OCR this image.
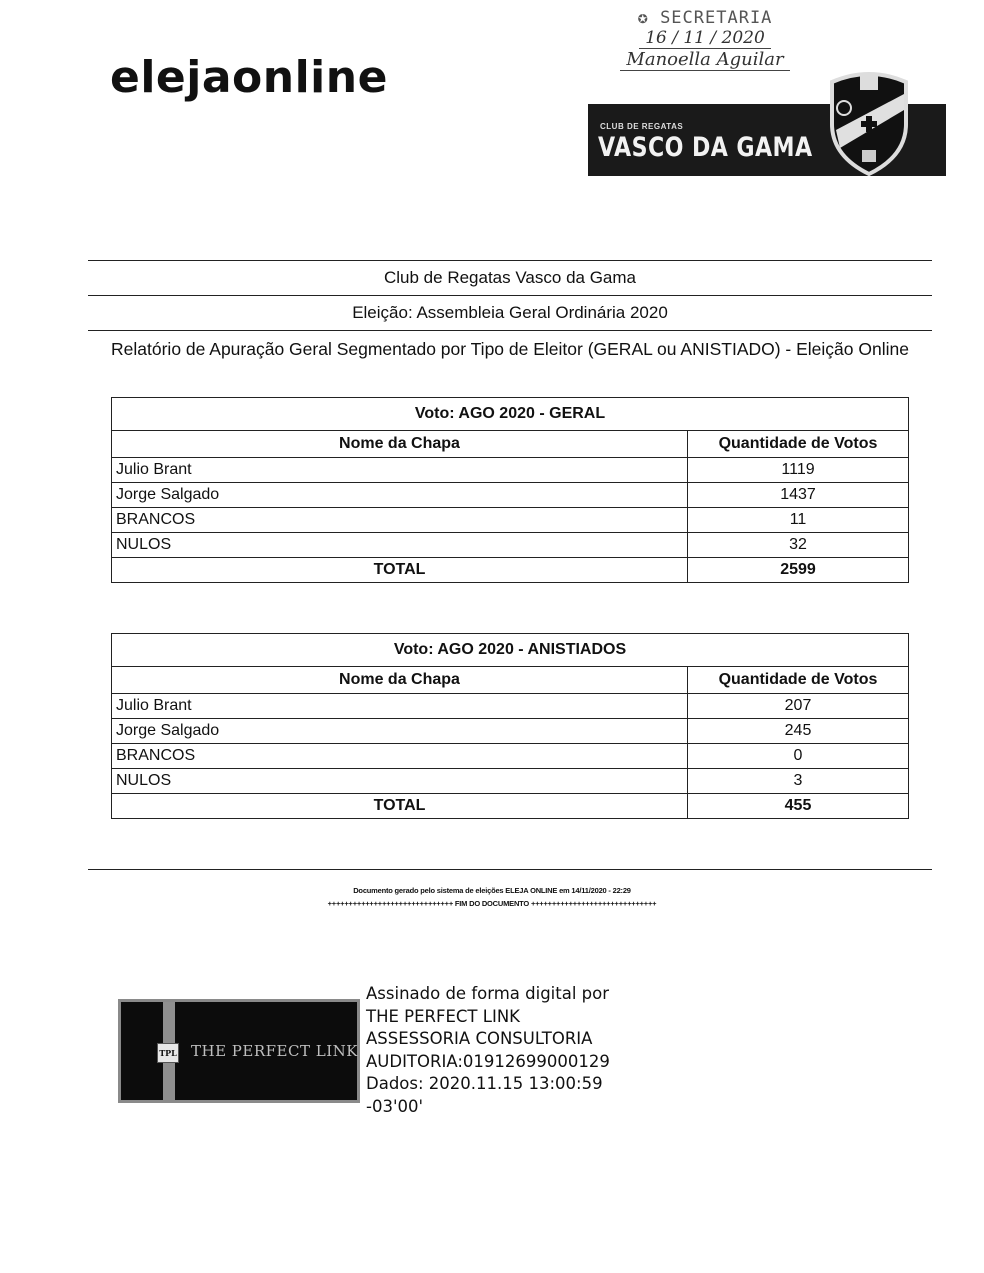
elejaonline
✪ SECRETARIA
16 / 11 / 2020
Manoella Aguilar
CLUB DE REGATAS
VASCO DA GAMA
Club de Regatas Vasco da Gama
Eleição: Assembleia Geral Ordinária 2020
Relatório de Apuração Geral Segmentado por Tipo de Eleitor (GERAL ou ANISTIADO) - Eleição Online
Voto: AGO 2020 - GERAL	
Nome da Chapa	Quantidade de Votos
Julio Brant	1119
Jorge Salgado	1437
BRANCOS	11
NULOS	32
TOTAL	2599
Voto: AGO 2020 - ANISTIADOS	
Nome da Chapa	Quantidade de Votos
Julio Brant	207
Jorge Salgado	245
BRANCOS	0
NULOS	3
TOTAL	455
Documento gerado pelo sistema de eleições ELEJA ONLINE em 14/11/2020 - 22:29
++++++++++++++++++++++++++++++ FIM DO DOCUMENTO ++++++++++++++++++++++++++++++
TPL THE PERFECT LINK
Assinado de forma digital por
THE PERFECT LINK
ASSESSORIA CONSULTORIA
AUDITORIA:01912699000129
Dados: 2020.11.15 13:00:59
-03'00'
